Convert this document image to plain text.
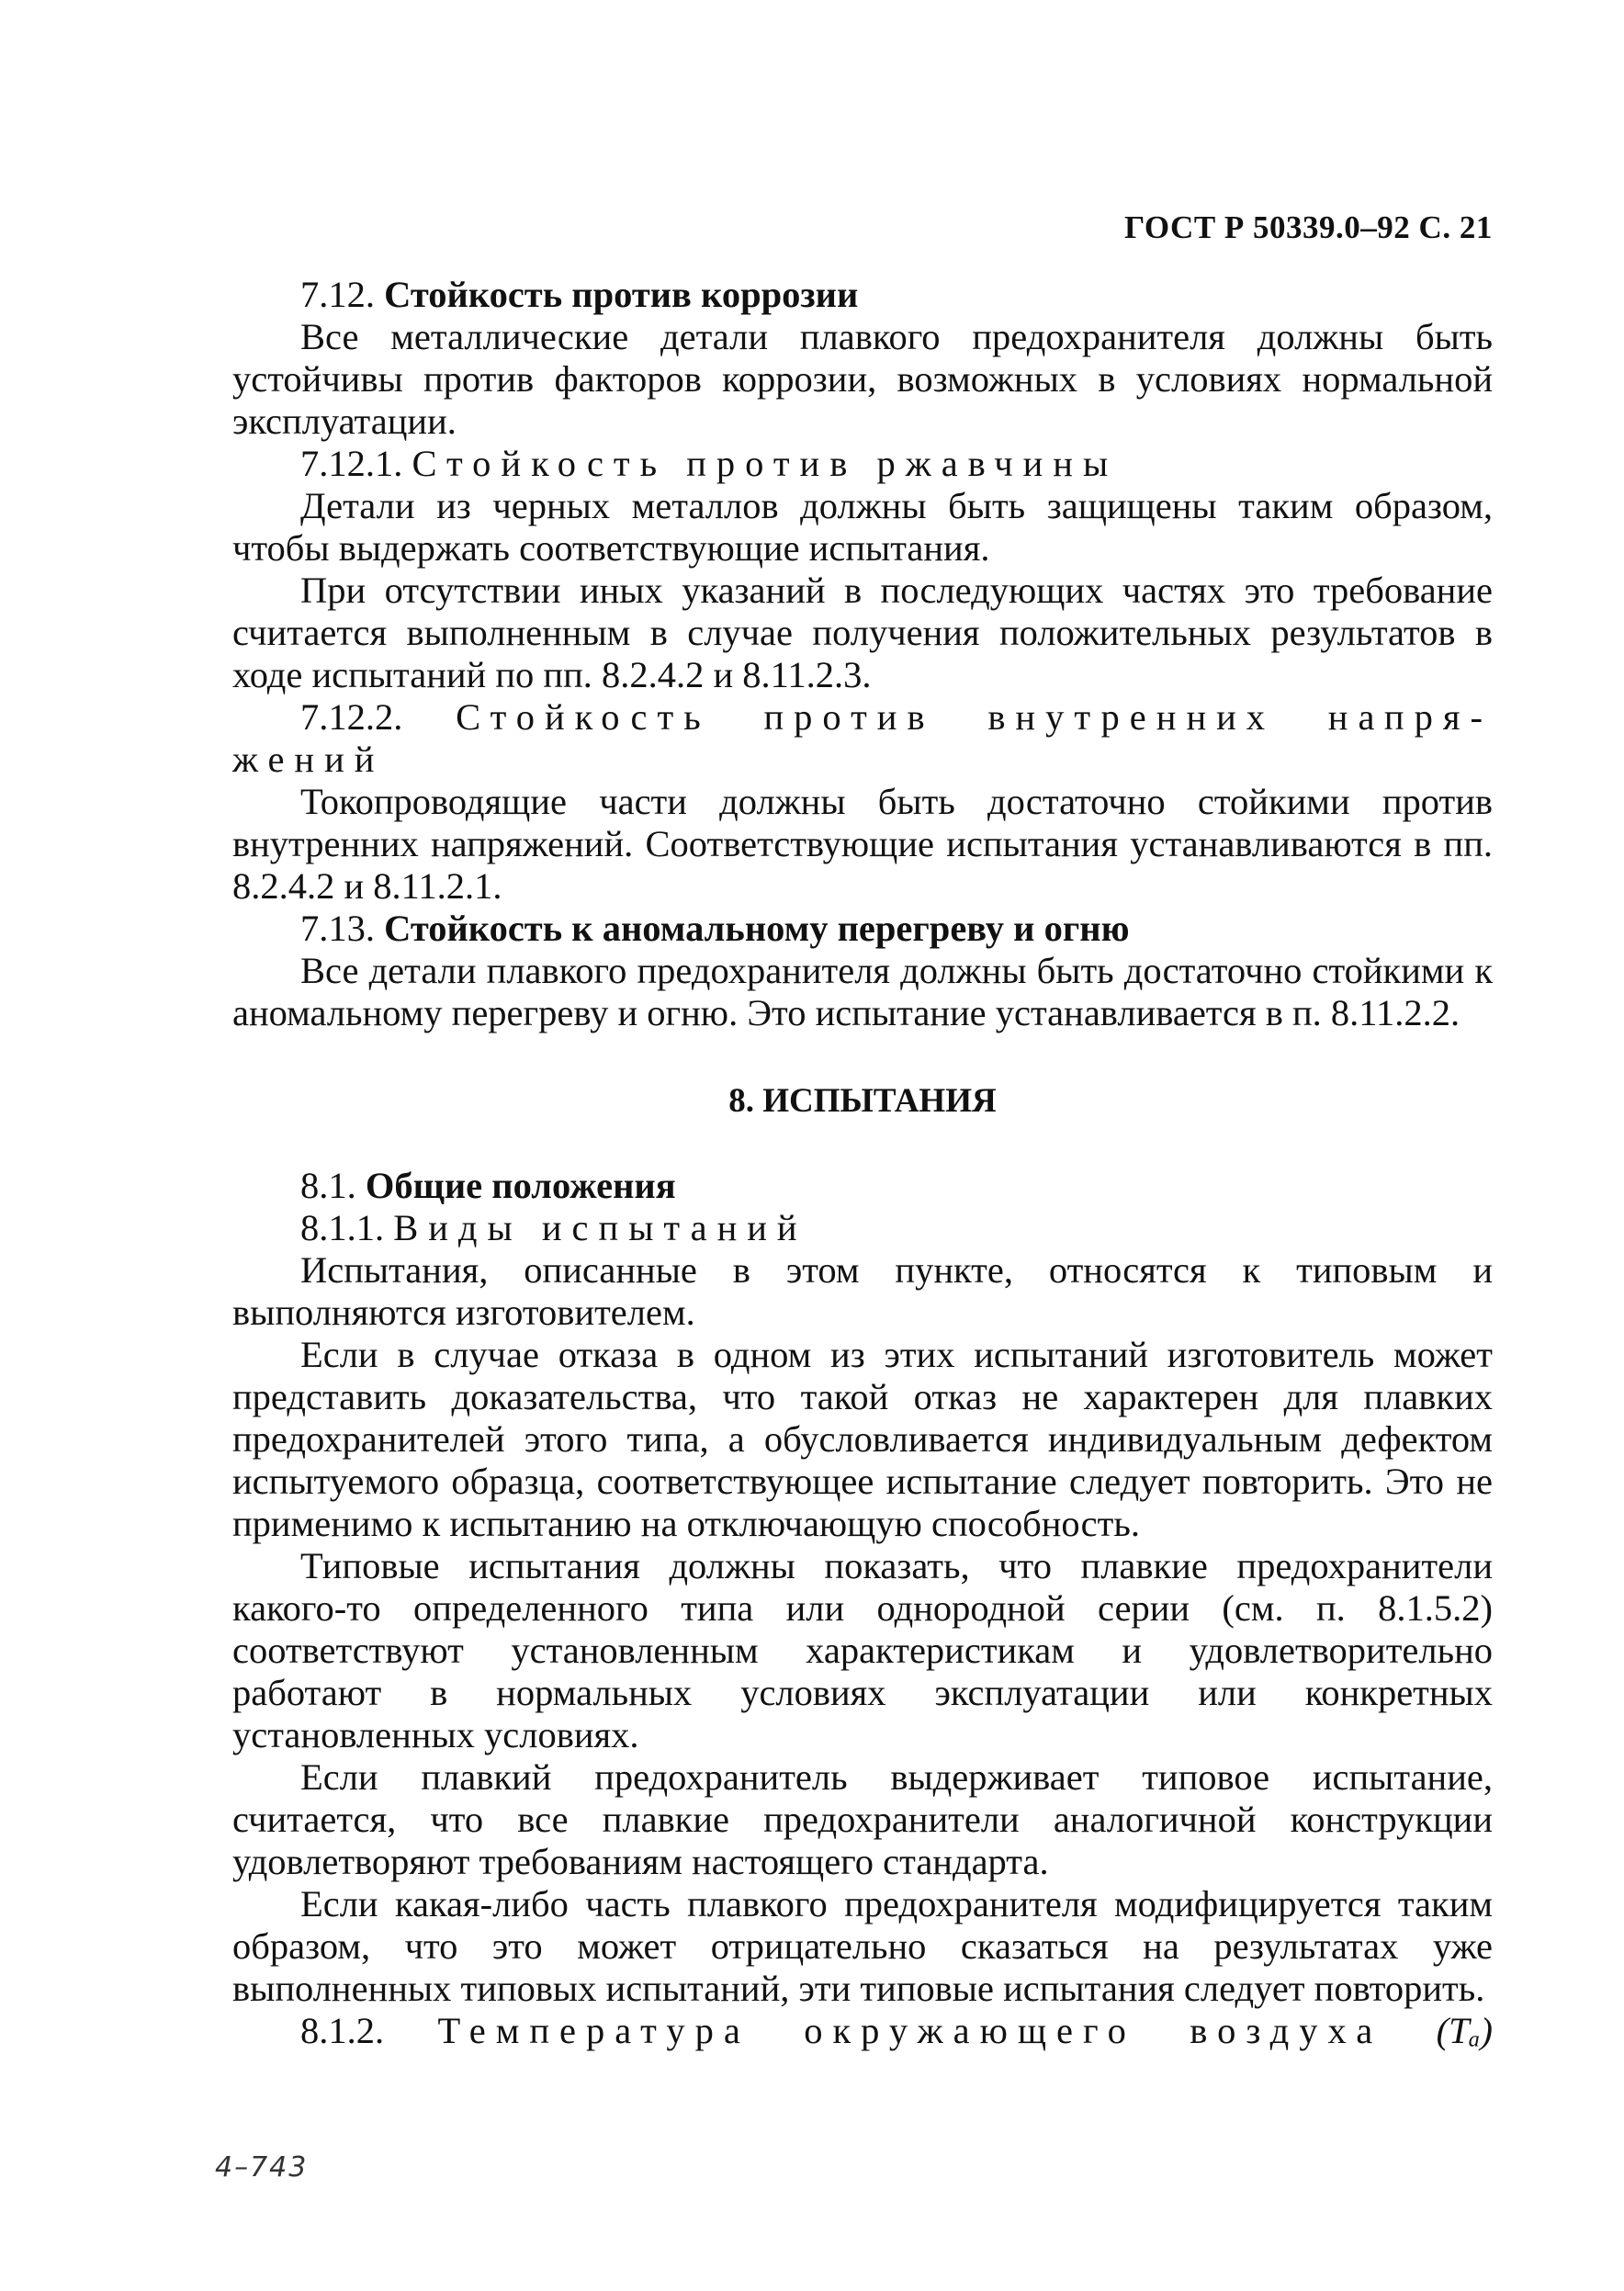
ГОСТ Р 50339.0–92 С. 21

7.12. Стойкость против коррозии

Все металлические детали плавкого предохранителя должны быть устойчивы против факторов коррозии, возможных в условиях нормальной эксплуатации.

7.12.1. Стойкость против ржавчины

Детали из черных металлов должны быть защищены таким образом, чтобы выдержать соответствующие испытания.

При отсутствии иных указаний в последующих частях это требование считается выполненным в случае получения положительных результатов в ходе испытаний по пп. 8.2.4.2 и 8.11.2.3.

7.12.2. Стойкость против внутренних напря-
жений

Токопроводящие части должны быть достаточно стойкими против внутренних напряжений. Соответствующие испытания устанавливаются в пп. 8.2.4.2 и 8.11.2.1.

7.13. Стойкость к аномальному перегреву и огню

Все детали плавкого предохранителя должны быть достаточно стойкими к аномальному перегреву и огню. Это испытание устанавливается в п. 8.11.2.2.

8. ИСПЫТАНИЯ

8.1. Общие положения

8.1.1. Виды испытаний

Испытания, описанные в этом пункте, относятся к типовым и выполняются изготовителем.

Если в случае отказа в одном из этих испытаний изготовитель может представить доказательства, что такой отказ не характерен для плавких предохранителей этого типа, а обусловливается индивидуальным дефектом испытуемого образца, соответствующее испытание следует повторить. Это не применимо к испытанию на отключающую способность.

Типовые испытания должны показать, что плавкие предохранители какого-то определенного типа или однородной серии (см. п. 8.1.5.2) соответствуют установленным характеристикам и удовлетворительно работают в нормальных условиях эксплуатации или конкретных установленных условиях.

Если плавкий предохранитель выдерживает типовое испытание, считается, что все плавкие предохранители аналогичной конструкции удовлетворяют требованиям настоящего стандарта.

Если какая-либо часть плавкого предохранителя модифицируется таким образом, что это может отрицательно сказаться на результатах уже выполненных типовых испытаний, эти типовые испытания следует повторить.

8.1.2. Температура окружающего воздуха (Tₐ)
4–743
